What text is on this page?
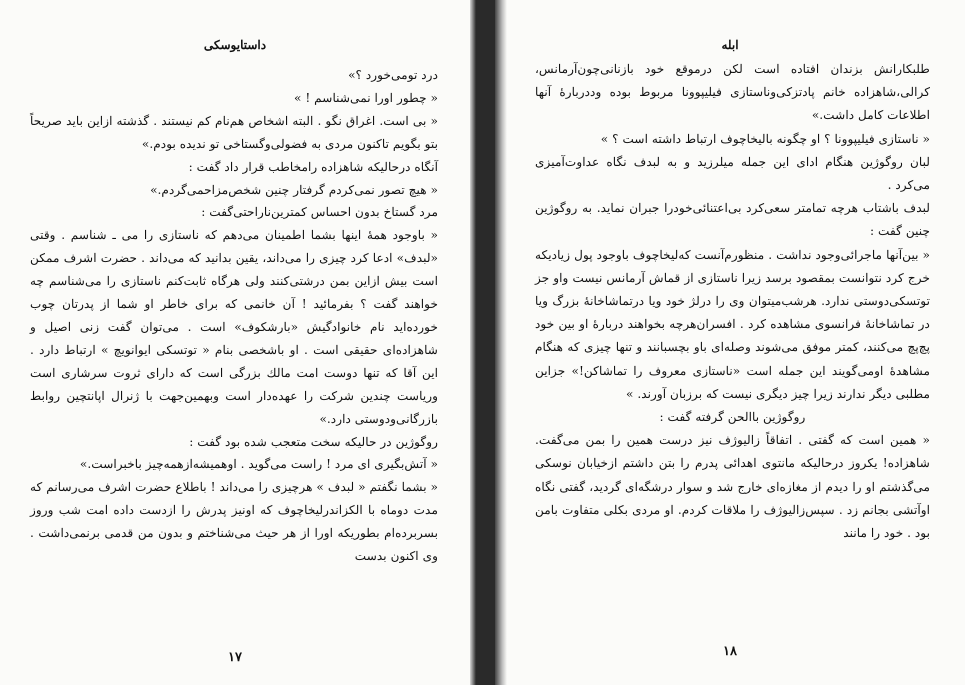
داستایوسکی

درد تومی‌خورد ؟»

« چطور اورا نمی‌شناسم ! »

« بی است. اغراق نگو . البته اشخاص هم‌نام کم نیستند . گذشته ازاین باید صریحاً بتو بگویم تاکنون مردی به فضولی‌وگستاخی تو ندیده بودم.»

آنگاه درحالیکه شاهزاده رامخاطب قرار داد گفت :

« هیچ تصور نمی‌کردم گرفتار چنین شخص‌مزاحمی‌گردم.»

مرد گستاخ بدون احساس کمترین‌ناراحتی‌گفت :

« باوجود همهٔ اینها بشما اطمینان می‌دهم که ناستازی را می ـ شناسم . وقتی «لبدف» ادعا کرد چیزی را می‌داند، یقین بدانید که می‌داند . حضرت اشرف ممکن است بیش ازاین بمن درشتی‌کنند ولی هرگاه ثابت‌کنم ناستازی را می‌شناسم چه خواهند گفت ؟ بفرمائید ! آن خانمی که برای خاطر او شما از پدرتان چوب خورده‌اید نام خانوادگیش «بارشکوف» است . می‌توان گفت زنی اصیل و شاهزاده‌ای حقیقی است . او باشخصی بنام « توتسکی ایوانویچ » ارتباط دارد . این آقا که تنها دوست امت مالك بزرگی است که دارای ثروت سرشاری است وریاست چندین شرکت را عهده‌دار است وبهمین‌جهت با ژنرال اپانتچین روابط بازرگانی‌ودوستی دارد.»

روگوژین در حالیکه سخت متعجب شده بود گفت :

« آتش‌بگیری ای مرد ! راست می‌گوید . اوهمیشه‌ازهمه‌چیز باخبراست.»

« بشما نگفتم « لبدف » هرچیزی را می‌داند ! باطلاع حضرت اشرف می‌رسانم که مدت دوماه با الکزاندرلیخاچوف که اونیز پدرش را ازدست داده امت شب وروز بسربرده‌ام بطوریکه اورا از هر حیث می‌شناختم و بدون من قدمی برنمی‌داشت . وی اکنون بدست

۱۷
ابله

طلبکارانش بزندان افتاده است لکن درموقع خود بازنانی‌چون‌آرمانس، کرالی،شاهزاده خانم پادتزکی‌وناستازی فیلیپوونا مربوط بوده وددربارهٔ آنها اطلاعات کامل داشت.»

« ناستازی فیلیپوونا ؟ او چگونه بالیخاچوف ارتباط داشته است ؟ »

لبان روگوژین هنگام ادای این جمله میلرزید و به لبدف نگاه عداوت‌آمیزی می‌کرد .

لبدف باشتاب هرچه تمامتر سعی‌کرد بی‌اعتنائی‌خودرا جبران نماید. به روگوژین چنین گفت :

« بین‌آنها ماجرائی‌وجود نداشت . منظورم‌آنست که‌لیخاچوف باوجود پول زیادیکه خرج کرد نتوانست بمقصود برسد زیرا ناستازی از قماش آرمانس نیست واو جز توتسکی‌دوستی ندارد. هرشب‌میتوان وی را درلژ خود ویا درتماشاخانهٔ بزرگ ویا در تماشاخانهٔ فرانسوی مشاهده کرد . افسران‌هرچه بخواهند دربارهٔ او بین خود پچ‌پچ می‌کنند، کمتر موفق می‌شوند وصله‌ای باو بچسبانند و تنها چیزی که هنگام مشاهدهٔ اومی‌گویند این جمله است «ناستازی معروف را تماشاکن!» جزاین مطلبی دیگر ندارند زیرا چیز دیگری نیست که برزبان آورند. »

روگوژین باالحن گرفته گفت :

« همین است که گفتی . اتفاقاً زالیوژف نیز درست همین را بمن می‌گفت. شاهزاده! یکروز درحالیکه مانتوی اهدائی پدرم را بتن داشتم ازخیابان نوسکی می‌گذشتم او را دیدم از مغازه‌ای خارج شد و سوار درشگه‌ای گردید، گفتی نگاه اوآتشی بجانم زد . سپس‌زالیوژف را ملاقات کردم. او مردی بکلی متفاوت بامن بود . خود را مانند

۱۸
